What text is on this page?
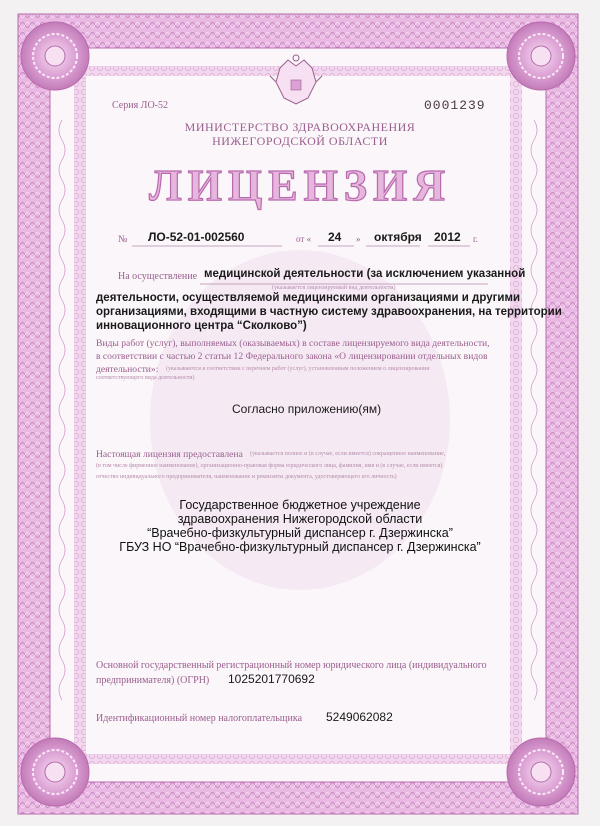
Серия ЛО-52	0001239
МИНИСТЕРСТВО ЗДРАВООХРАНЕНИЯ
НИЖЕГОРОДСКОЙ ОБЛАСТИ
ЛИЦЕНЗИЯ
№ ЛО-52-01-002560	от « 24 » октября 2012 г.
На осуществление медицинской деятельности (за исключением указанной
(указывается лицензируемый вид деятельности)
деятельности, осуществляемой медицинскими организациями и другими
организациями, входящими в частную систему здравоохранения, на территории
инновационного центра “Сколково”)
Виды работ (услуг), выполняемых (оказываемых) в составе лицензируемого вида деятельности,
в соответствии с частью 2 статьи 12 Федерального закона «О лицензировании отдельных видов
деятельности»: (указываются в соответствии с перечнем работ (услуг), установленным положением о лицензировании
соответствующего вида деятельности)
Согласно приложению(ям)
Настоящая лицензия предоставлена (указывается полное и (в случае, если имеется) сокращенное наименование,
(в том числе фирменное наименование), организационно-правовая форма юридического лица, фамилия, имя и (в случае, если имеется)
отчество индивидуального предпринимателя, наименование и реквизиты документа, удостоверяющего его личность)
Государственное бюджетное учреждение
здравоохранения Нижегородской области
“Врачебно-физкультурный диспансер г. Дзержинска”
ГБУЗ НО “Врачебно-физкультурный диспансер г. Дзержинска”
Основной государственный регистрационный номер юридического лица (индивидуального
предпринимателя) (ОГРН) 1025201770692
Идентификационный номер налогоплательщика 5249062082
